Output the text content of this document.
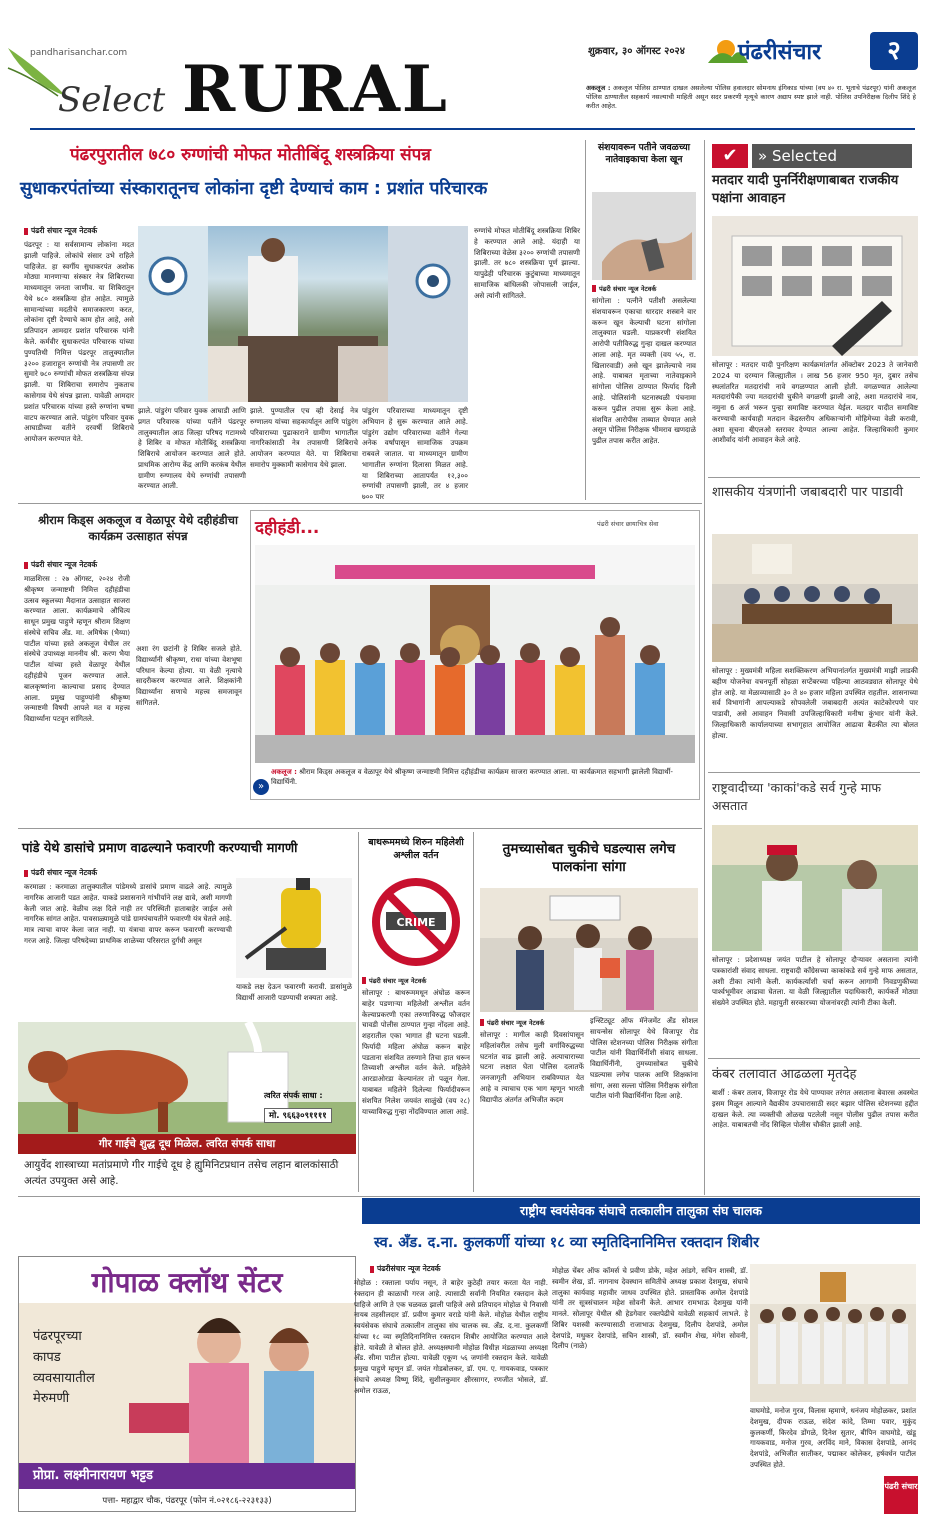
pandharisanchar.com
Select RURAL
शुक्रवार, ३० ऑगस्ट २०२४ पंढरीसंचार	२
अकलूज : अकलूज पोलिस ठाण्यात दाखल असलेल्या पोलिस हवालदार सोमनाथ इंगिकाड यांच्या (वय ४० रा. भूताचे पंढरपूर) यांनी अकलूज पोलिस ठाण्यातील सहकार्य नसल्याची माहिती असून सदर प्रकरणी मृत्यूचे कारण अद्याप स्पष्ट झाले नाही. पोलिस उपनिरीक्षक दिलीप शिंदे हे करीत आहेत.
पंढरपुरातील ७८० रुग्णांची मोफत मोतीबिंदू शस्त्रक्रिया संपन्न
सुधाकरपंतांच्या संस्कारातूनच लोकांना दृष्टी देण्याचं काम : प्रशांत परिचारक
पंढरी संचार न्यूज नेटवर्क
पंढरपूर : या सर्वसामान्य लोकांना मदत झाली पाहिजे. लोकांचे संसार उभे राहिले पाहिजेत. हा स्वर्गीय सुधाकरपंत अशोक मोठ्या मानणाऱ्या संस्कार नेत्र शिबिराच्या माध्यमातून जनता जाणीव. या शिबिरातून येथे ७८० शस्त्रक्रिया होत आहेत. त्यामुळे सामान्यांच्या मदतीचे समाजकारण करत, लोकांना दृष्टी देण्याचे काम होत आहे, असे प्रतिपादन आमदार प्रशांत परिचारक यांनी केले. कर्मवीर सुधाकरपंत परिचारक यांच्या पुण्यतिथी निमित्त पंढरपूर तालुक्यातील ३२०० हजाराहून रुग्णांची नेत्र तपासणी तर सुमारे ७८० रुग्णांची मोफत शस्त्रक्रिया संपन्न झाली. या शिबिराचा समारोप नुकताच कासेगाव येथे संपन्न झाला. यावेळी आमदार प्रशांत परिचारक यांच्या हस्ते रुग्णांना चष्मा वाटप करण्यात आले. पांडुरंग परिवार युवक आघाडीच्या वतीने दरवर्षी शिबिराचे आयोजन करण्यात येते.
झाले. पांडुरंग परिवार युवक आघाडी आणि प्रगत परिवारक यांच्या पतीने पंढरपूर तालुक्यातील आठ जिल्हा परिषद गटामध्ये हे शिबिर व मोफत मोतीबिंदू शस्त्रक्रिया शिबिराचे आयोजन करण्यात आले होते. प्राथमिक आरोग्य केंद्र आणि करकंब येथील ग्रामीण रुग्णालय येथे रुग्णांची तपासणी करण्यात आली.
झाले. पुण्यातील एच व्ही देसाई नेत्र रुग्णालय यांच्या सहकार्यातून आणि पांडुरंग परिवाराच्या पुढाकाराने ग्रामीण भागातील नागरिकांसाठी नेत्र तपासणी शिबिराचे आयोजन करण्यात येते. या शिबिराचा समारोप मुक्कामी कासेगाव येथे झाला.
पांडुरंग परिवाराच्या माध्यमातून दृष्टी अभियान हे सुरू करण्यात आले आहे. पांडुरंग उद्योग परिवाराच्या वतीने गेल्या अनेक वर्षांपासून सामाजिक उपक्रम राबवले जातात. या माध्यमातून ग्रामीण भागातील रुग्णांना दिलासा मिळत आहे. या शिबिराच्या आतापर्यंत १२,३०० रुग्णांची तपासणी झाली, तर ४ हजार ७०० पार
रुग्णांचे मोफत मोतीबिंदू शस्त्रक्रिया शिबिर हे करण्यात आले आहे. यंदाही या शिबिराच्या वेळेस ३२०० रुग्णांची तपासणी झाली. तर ७८० शस्त्रक्रिया पूर्ण झाल्या. यापुढेही परिचारक कुटुंबाच्या माध्यमातून सामाजिक बांधिलकी जोपासली जाईल, असे त्यांनी सांगितले.
संशयावरून पतीने जवळच्या नातेवाइकाचा केला खून
पंढरी संचार न्यूज नेटवर्क
सांगोला : पत्नीने पतीशी असलेल्या संशयावरून एकाचा धारदार शस्त्राने वार करून खून केल्याची घटना सांगोला तालुक्यात घडली. याप्रकरणी संशयित आरोपी पतीविरुद्ध गुन्हा दाखल करण्यात आला आहे. मृत व्यक्ती (वय ५५, रा. खिलारवाडी) असे खून झालेल्याचे नाव आहे. याबाबत मृताच्या नातेवाइकाने सांगोला पोलिस ठाण्यात फिर्याद दिली आहे. पोलिसांनी घटनास्थळी पंचनामा करून पुढील तपास सुरू केला आहे. संशयित आरोपीस ताब्यात घेण्यात आले असून पोलिस निरीक्षक भीमराव खणदाळे पुढील तपास करीत आहेत.
✔	» Selected
मतदार यादी पुनर्निरीक्षणाबाबत राजकीय पक्षांना आवाहन
सोलापूर : मतदार यादी पुनरिक्षण कार्यक्रमांतर्गत ऑक्टोबर 2023 ते जानेवारी 2024 या दरम्यान जिल्ह्यातील । लाख 56 हजार 950 मृत, दुबार तसेच स्थलांतरित मतदारांची नावे वगळण्यात आली होती. वगळण्यात आलेल्या मतदारांपैकी ज्या मतदारांची चुकीने वगळणी झाली आहे, अशा मतदारांचे नाव, नमुना 6 अर्ज भरून पुन्हा समाविष्ट करण्यात येईल. मतदार यादीत समाविष्ट करण्याची कार्यवाही मतदान केंद्रस्तरीय अधिकाऱ्यांनी मोहिमेच्या वेळी करावी, अशा सूचना बीएलओ स्तरावर देण्यात आल्या आहेत. जिल्हाधिकारी कुमार आशीर्वाद यांनी आवाहन केले आहे.
शासकीय यंत्रणांनी जबाबदारी पार पाडावी
सोलापूर : मुख्यमंत्री महिला सशक्तिकरण अभियानांतर्गत मुख्यमंत्री माझी लाडकी बहीण योजनेचा वचनपूर्ती सोहळा सप्टेंबरच्या पहिल्या आठवड्यात सोलापूर येथे होत आहे. या मेळाव्यासाठी ३० ते ४० हजार महिला उपस्थित राहतील. शासनाच्या सर्व विभागांनी आपल्याकडे सोपवलेली जबाबदारी अत्यंत काटेकोरपणे पार पाडावी, असे आवाहन निवासी उपजिल्हाधिकारी मनीषा कुंभार यांनी केले. जिल्हाधिकारी कार्यालयाच्या सभागृहात आयोजित आढावा बैठकीत त्या बोलत होत्या.
राष्ट्रवादीच्या 'काकां'कडे सर्व गुन्हे माफ असतात
सोलापूर : प्रदेशाध्यक्ष जयंत पाटील हे सोलापूर दौऱ्यावर असताना त्यांनी पत्रकारांशी संवाद साधला. राष्ट्रवादी काँग्रेसच्या काकांकडे सर्व गुन्हे माफ असतात, अशी टीका त्यांनी केली. कार्यकर्त्यांशी चर्चा करून आगामी निवडणुकीच्या पार्श्वभूमीवर आढावा घेतला. या वेळी जिल्ह्यातील पदाधिकारी, कार्यकर्ते मोठ्या संख्येने उपस्थित होते. महायुती सरकारच्या योजनांवरही त्यांनी टीका केली.
कंबर तलावात आढळला मृतदेह
बार्शी : कंबर तलाव, विजापूर रोड येथे पाण्यावर तरंगत असताना बेवारस अवस्थेत इसम मिळून आल्याने वैद्यकीय उपचारासाठी सदर बझार पोलिस स्टेशनच्या हद्दीत दाखल केले. त्या व्यक्तीची ओळख पटलेली नसून पोलीस पुढील तपास करीत आहेत. याबाबतची नोंद सिव्हिल पोलीस चौकीत झाली आहे.
श्रीराम किड्स अकलूज व वेळापूर येथे दहीहंडीचा कार्यक्रम उत्साहात संपन्न
पंढरी संचार न्यूज नेटवर्क
माळशिरस : २७ ऑगस्ट, २०२४ रोजी श्रीकृष्ण जन्माष्टमी निमित्त दहीहंडीचा उत्सव स्कूलच्या मैदानात उत्साहात साजरा करण्यात आला. कार्यक्रमाचे औचित्य साधून प्रमुख पाहुणे म्हणून श्रीराम शिक्षण संस्थेचे सचिव अँड. मा. अमिषेक (भैय्या) पाटील यांच्या हस्ते अकलूज येथील तर संस्थेचे उपाध्यक्ष माननीय श्री. करण भैया पाटील यांच्या हस्ते वेळापूर येथील दहीहंडीचे पूजन करण्यात आले. बालकृष्णांना काल्याचा प्रसाद देण्यात आला. प्रमुख पाहुण्यांनी श्रीकृष्ण जन्माष्टमी विषयी आपले मत व महत्त्व विद्यार्थ्यांना पटवून सांगितले.
अशा रंग छटांनी हे शिबिर सजले होते. विद्यार्थ्यांनी श्रीकृष्ण, राधा यांच्या वेशभूषा परिधान केल्या होत्या. या वेळी नृत्याचे सादरीकरण करण्यात आले. शिक्षकांनी विद्यार्थ्यांना सणाचे महत्त्व समजावून सांगितले.
दहीहंडी...	पंढरी संचार छायाचित्र सेवा
अकलूज : श्रीराम किड्स अकलूज व वेळापूर येथे श्रीकृष्ण जन्माष्टमी निमित्त दहीहंडीचा कार्यक्रम साजरा करण्यात आला. या कार्यक्रमात सहभागी झालेली विद्यार्थी-विद्यार्थिनी.
»
पांडे येथे डासांचे प्रमाण वाढल्याने फवारणी करण्याची मागणी
पंढरी संचार न्यूज नेटवर्क
करमाळा : करमाळा तालुक्यातील पांडेमध्ये डासांचे प्रमाण वाढले आहे. त्यामुळे नागरिक आजारी पडत आहेत. याकडे प्रशासनाने गांभीर्याने लक्ष द्यावे, अशी मागणी केली जात आहे. वेळीच लक्ष दिले नाही तर परिस्थिती हाताबाहेर जाईल असे नागरिक सांगत आहेत. पावसाळ्यामुळे पांडे ग्रामपंचायतीने फवारणी यंत्र घेतले आहे. मात्र त्याचा वापर केला जात नाही. या यंत्राचा वापर करून फवारणी करण्याची गरज आहे. जिल्हा परिषदेच्या प्राथमिक शाळेच्या परिसरात दुर्गंधी असून
याकडे लक्ष देऊन फवारणी करावी. डासांमुळे विद्यार्थी आजारी पडण्याची शक्यता आहे.
त्वरित संपर्क साधा :
मो. ९६६३०९११११
गीर गाईचे शुद्ध दूध मिळेल. त्वरित संपर्क साधा
आयुर्वेद शास्त्राच्या मतांप्रमाणे गीर गाईचे दूध हे ह्युमिनिटप्रधान तसेच लहान बालकांसाठी अत्यंत उपयुक्त असे आहे.
बाथरूममध्ये शिरुन महिलेशी अश्लील वर्तन
CRIME
पंढरी संचार न्यूज नेटवर्क
सोलापूर : बाथरूममधून अंघोळ करून बाहेर पडणाऱ्या महिलेशी अश्लील वर्तन केल्याप्रकरणी एका तरुणाविरुद्ध फौजदार चावडी पोलीस ठाण्यात गुन्हा नोंदला आहे. शहरातील एका भागात ही घटना घडली. फिर्यादी महिला अंघोळ करून बाहेर पडताना संशयित तरुणाने तिचा हात धरून तिच्याशी अश्लील वर्तन केले. महिलेने आरडाओरडा केल्यानंतर तो पळून गेला. याबाबत महिलेने दिलेल्या फिर्यादीवरून संशयित निलेश जयवंत साळुंखे (वय २८) याच्याविरुद्ध गुन्हा नोंदविण्यात आला आहे.
तुमच्यासोबत चुकीचे घडल्यास लगेच पालकांना सांगा
पंढरी संचार न्यूज नेटवर्क
सोलापूर : मागील काही दिवसांपासून महिलांवरील तसेच मुली वर्गाविरुद्धच्या घटनांत वाढ झाली आहे. अत्याचाराच्या घटना लक्षात घेता पोलिस दलातर्फे जनजागृती अभियान राबविण्यात येत आहे व त्याचाच एक भाग म्हणून भारती विद्यापीठ अंतर्गत अभिजीत कदम
इन्स्टिट्यूट ऑफ मॅनेजमेंट अँड सोशल सायन्सेस सोलापूर येथे विजापूर रोड पोलिस स्टेशनच्या पोलिस निरीक्षक संगीता पाटील यांनी विद्यार्थिनींशी संवाद साधला. विद्यार्थिनींनी, तुमच्यासोबत चुकीचे घडल्यास लगेच पालक आणि शिक्षकांना सांगा, असा सल्ला पोलिस निरीक्षक संगीता पाटील यांनी विद्यार्थिनींना दिला आहे.
गोपाळ क्लॉथ सेंटर
पंढरपूरच्या
कापड
व्यवसायातील
मेरुमणी
प्रोप्रा. लक्ष्मीनारायण भट्टड
पत्ता- महाद्वार चौक, पंढरपूर (फोन नं.०२१८६-२२३१३३)
राष्ट्रीय स्वयंसेवक संघाचे तत्कालीन तालुका संघ चालक
स्व. अँड. द.ना. कुलकर्णी यांच्या १८ व्या स्मृतिदिनानिमित्त रक्तदान शिबीर
पंढरीसंचार न्यूज नेटवर्क
मोहोळ : रक्ताला पर्याय नसून, ते बाहेर कुठेही तयार करता येत नाही. रक्तदान ही काळाची गरज आहे. त्यासाठी सर्वांनी नियमित रक्तदान केले पाहिजे आणि ते एक चळवळ झाली पाहिजे असे प्रतिपादन मोहोळ चे निवासी नायब तहसीलदार डॉ. प्रवीण कुमार वराडे यांनी केले. मोहोळ येथील राष्ट्रीय स्वयंसेवक संघाचे तत्कालीन तालुका संघ चालक स्व. अँड. द.ना. कुलकर्णी यांच्या १८ व्या स्मृतिदिनानिमित्त रक्तदान शिबीर आयोजित करण्यात आले होते. यावेळी ते बोलत होते. अध्यक्षस्थानी मोहोळ विधीज्ञ मंडळाच्या अध्यक्षा अँड. सीमा पाटील होत्या. यावेळी एकूण ५६ जणांनी रक्तदान केले. यावेळी प्रमुख पाहुणे म्हणून डॉ. जयंत गोडबोलकर, डॉ. एम. ए. गायकवाड, पत्रकार संघाचे अध्यक्ष विष्णू शिंदे, सुशीलकुमार क्षीरसागर, रणजीत भोसले, डॉ. अमोल राऊळ,
मोहोळ चेंबर ऑफ कॉमर्स चे प्रवीण डोके, महेश आंडगे, सचिन शास्त्री, डॉ. स्वमीन शेख, डॉ. नागनाथ देवस्थान समितीचे अध्यक्ष प्रकाश देशमुख, संघाचे तालुका कार्यवाह महावीर जाधव उपस्थित होते. प्रास्ताविक अमोल देशपांडे यांनी तर सूत्रसंचालन महेश सोवनी केले. आभार रामभाऊ देशमुख यांनी मानले. सोलापूर येथील श्री हेडगेवार रक्तपेढीचे यावेळी सहकार्य लाभले. हे शिबिर यशस्वी करण्यासाठी राजाभाऊ देशमुख, दिलीप देशपांडे, अमोल देशपांडे, मधुकर देशपांडे, सचिन शास्त्री, डॉ. स्वमीन शेख, मंगेश सोवनी, दिलीप (नाळे)
वाघमोडे, मनोज गुरव, विलास म्हमाणे, धनंजय मोहोळकर, प्रशांत देशमुख, दीपक राऊळ, संदेश कांदे, तिम्मा पवार, मुकुंद कुलकर्णी, किरदेव डोंगळे, दिनेश सुतार, बीपिन वाघमोडे, खंडू गायकवाड, मनोज गुरव, अरविंद माने, विकास देशपांडे, आनंद देशपांडे, अभिजीत सातीकर, पद्माकर कोलेकर, हर्षवर्धन पाटील उपस्थित होते.
पंढरी संचार
